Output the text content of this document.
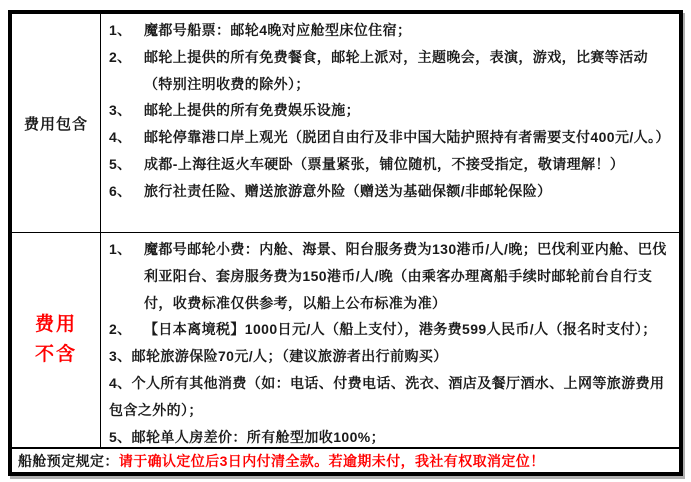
费用包含
1、 魔都号船票：邮轮4晚对应舱型床位住宿；
2、 邮轮上提供的所有免费餐食，邮轮上派对，主题晚会，表演，游戏，比赛等活动（特别注明收费的除外）；
3、 邮轮上提供的所有免费娱乐设施；
4、 邮轮停靠港口岸上观光（脱团自由行及非中国大陆护照持有者需要支付400元/人。）
5、 成都-上海往返火车硬卧（票量紧张，铺位随机，不接受指定，敬请理解！）
6、 旅行社责任险、赠送旅游意外险（赠送为基础保额/非邮轮保险）
费用不含
1、 魔都号邮轮小费：内舱、海景、阳台服务费为130港币/人/晚；巴伐利亚内舱、巴伐利亚阳台、套房服务费为150港币/人/晚（由乘客办理离船手续时邮轮前台自行支付，收费标准仅供参考，以船上公布标准为准）
2、 【日本离境税】1000日元/人（船上支付），港务费599人民币/人（报名时支付）；
3、邮轮旅游保险70元/人；（建议旅游者出行前购买）
4、个人所有其他消费（如：电话、付费电话、洗衣、酒店及餐厅酒水、上网等旅游费用包含之外的）；
5、邮轮单人房差价：所有舱型加收100%；
船舱预定规定：请于确认定位后3日内付清全款。若逾期未付，我社有权取消定位！
